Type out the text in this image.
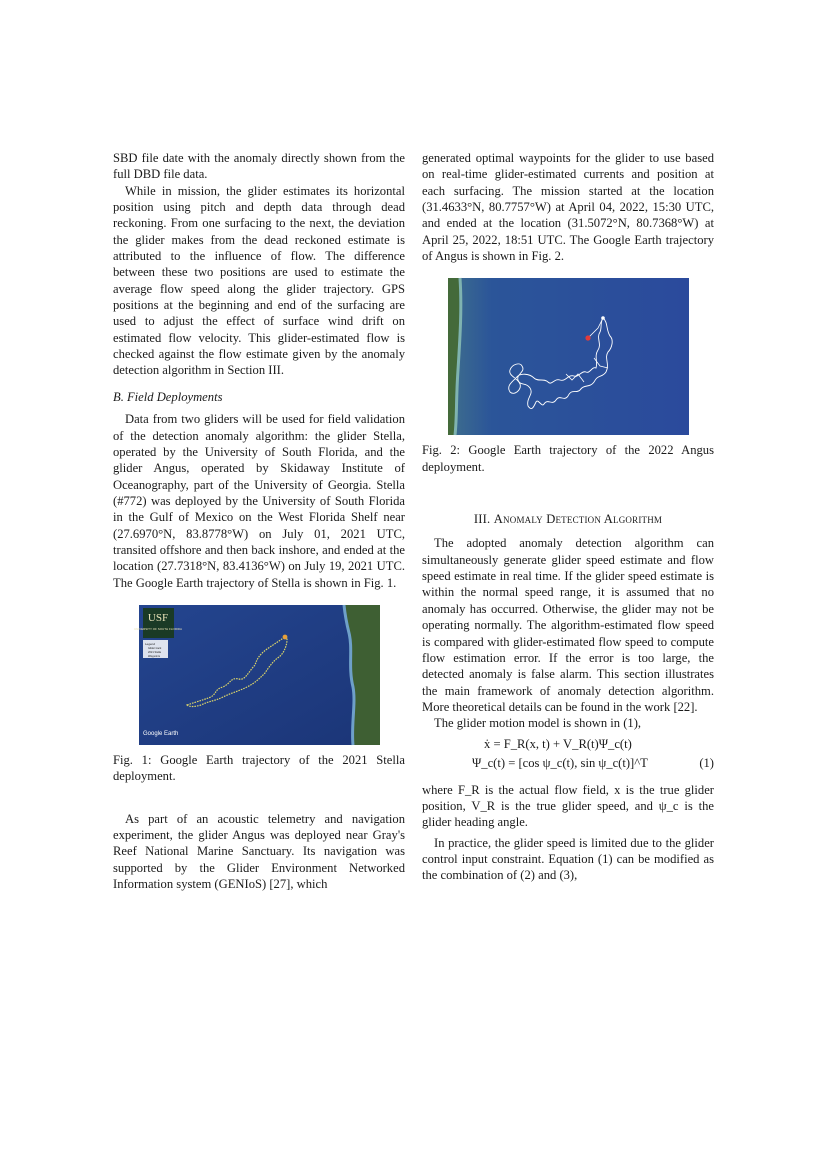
SBD file date with the anomaly directly shown from the full DBD file data.

While in mission, the glider estimates its horizontal position using pitch and depth data through dead reckoning. From one surfacing to the next, the deviation the glider makes from the dead reckoned estimate is attributed to the influence of flow. The difference between these two positions are used to estimate the average flow speed along the glider trajectory. GPS positions at the beginning and end of the surfacing are used to adjust the effect of surface wind drift on estimated flow velocity. This glider-estimated flow is checked against the flow estimate given by the anomaly detection algorithm in Section III.

B. Field Deployments

Data from two gliders will be used for field validation of the detection anomaly algorithm: the glider Stella, operated by the University of South Florida, and the glider Angus, operated by Skidaway Institute of Oceanography, part of the University of Georgia. Stella (#772) was deployed by the University of South Florida in the Gulf of Mexico on the West Florida Shelf near (27.6970°N, 83.8778°W) on July 01, 2021 UTC, transited offshore and then back inshore, and ended at the location (27.7318°N, 83.4136°W) on July 19, 2021 UTC. The Google Earth trajectory of Stella is shown in Fig. 1.

USF
UNIVERSITY OF SOUTH FLORIDA
Legend
Glider track
2021 Stella
Waypoints
Google Earth

Fig. 1: Google Earth trajectory of the 2021 Stella deployment.

As part of an acoustic telemetry and navigation experiment, the glider Angus was deployed near Gray's Reef National Marine Sanctuary. Its navigation was supported by the Glider Environment Networked Information system (GENIoS) [27], which

generated optimal waypoints for the glider to use based on real-time glider-estimated currents and position at each surfacing. The mission started at the location (31.4633°N, 80.7757°W) at April 04, 2022, 15:30 UTC, and ended at the location (31.5072°N, 80.7368°W) at April 25, 2022, 18:51 UTC. The Google Earth trajectory of Angus is shown in Fig. 2.

Fig. 2: Google Earth trajectory of the 2022 Angus deployment.

III. Anomaly Detection Algorithm

The adopted anomaly detection algorithm can simultaneously generate glider speed estimate and flow speed estimate in real time. If the glider speed estimate is within the normal speed range, it is assumed that no anomaly has occurred. Otherwise, the glider may not be operating normally. The algorithm-estimated flow speed is compared with glider-estimated flow speed to compute flow estimation error. If the error is too large, the detected anomaly is false alarm. This section illustrates the main framework of anomaly detection algorithm. More theoretical details can be found in the work [22].

The glider motion model is shown in (1),

ẋ = F_R(x, t) + V_R(t)Ψ_c(t)
Ψ_c(t) = [cos ψ_c(t), sin ψ_c(t)]^T	(1)

where F_R is the actual flow field, x is the true glider position, V_R is the true glider speed, and ψ_c is the glider heading angle.

In practice, the glider speed is limited due to the glider control input constraint. Equation (1) can be modified as the combination of (2) and (3),
